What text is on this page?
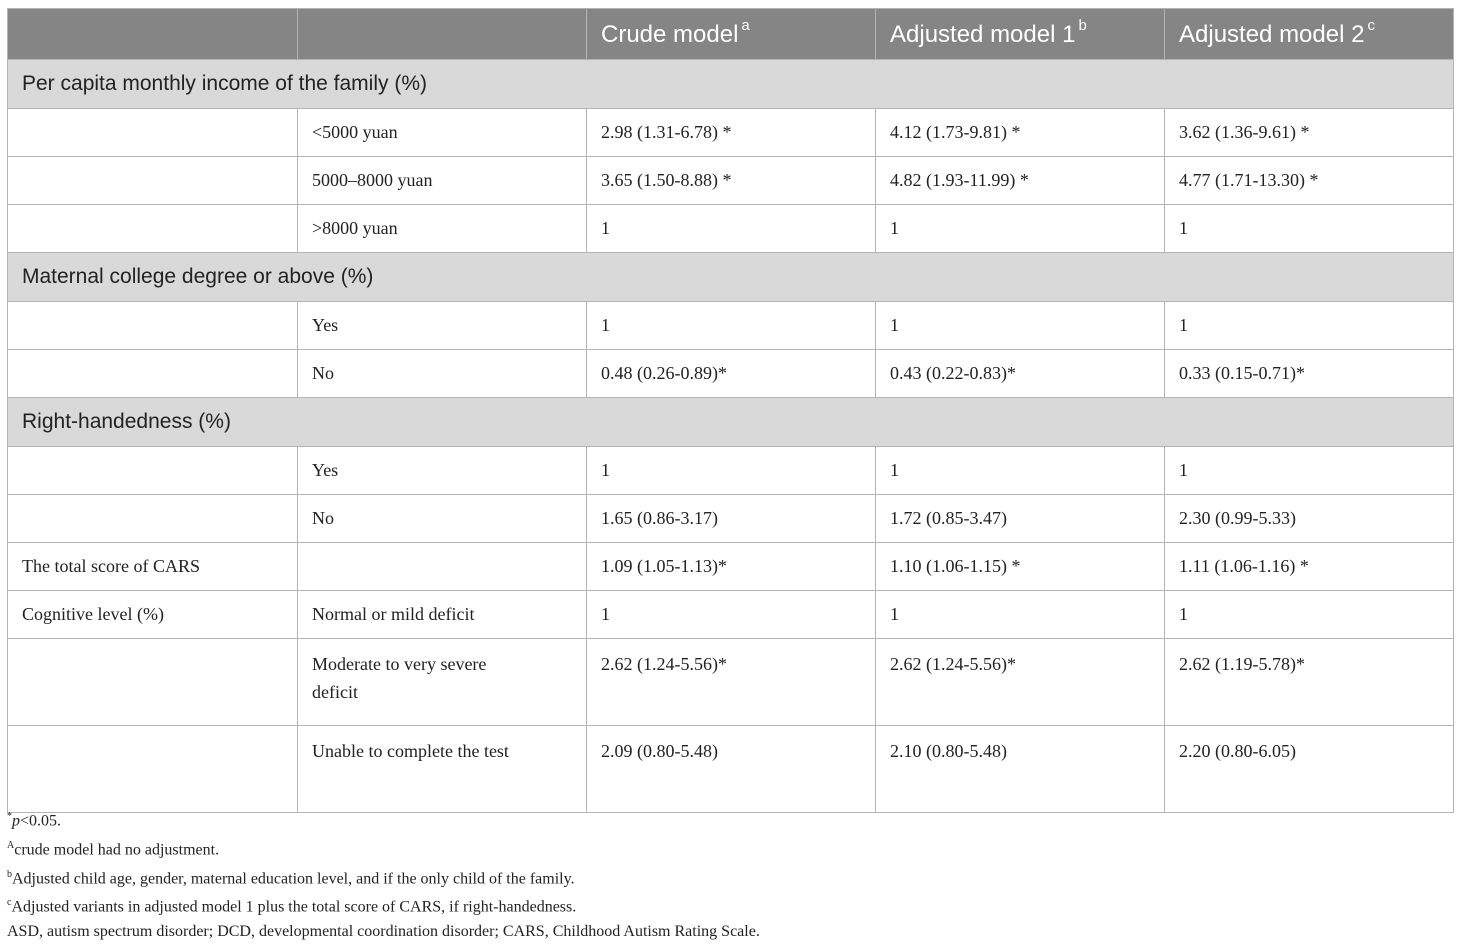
		Crude model $^a$	Adjusted model 1 $^b$	Adjusted model 2 $^c$
Per capita monthly income of the family (%)				
	<5000 yuan	2.98 (1.31-6.78) *	4.12 (1.73-9.81) *	3.62 (1.36-9.61) *
	5000–8000 yuan	3.65 (1.50-8.88) *	4.82 (1.93-11.99) *	4.77 (1.71-13.30) *
	>8000 yuan	1	1	1
Maternal college degree or above (%)				
	Yes	1	1	1
	No	0.48 (0.26-0.89)*	0.43 (0.22-0.83)*	0.33 (0.15-0.71)*
Right-handedness (%)				
	Yes	1	1	1
	No	1.65 (0.86-3.17)	1.72 (0.85-3.47)	2.30 (0.99-5.33)
The total score of CARS		1.09 (1.05-1.13)*	1.10 (1.06-1.15) *	1.11 (1.06-1.16) *
Cognitive level (%)	Normal or mild deficit	1	1	1
	Moderate to very severe deficit	2.62 (1.24-5.56)*	2.62 (1.24-5.56)*	2.62 (1.19-5.78)*
	Unable to complete the test	2.09 (0.80-5.48)	2.10 (0.80-5.48)	2.20 (0.80-6.05)
*p<0.05.
$^A$crude model had no adjustment.
$^b$Adjusted child age, gender, maternal education level, and if the only child of the family.
$^c$Adjusted variants in adjusted model 1 plus the total score of CARS, if right-handedness.
ASD, autism spectrum disorder; DCD, developmental coordination disorder; CARS, Childhood Autism Rating Scale.
